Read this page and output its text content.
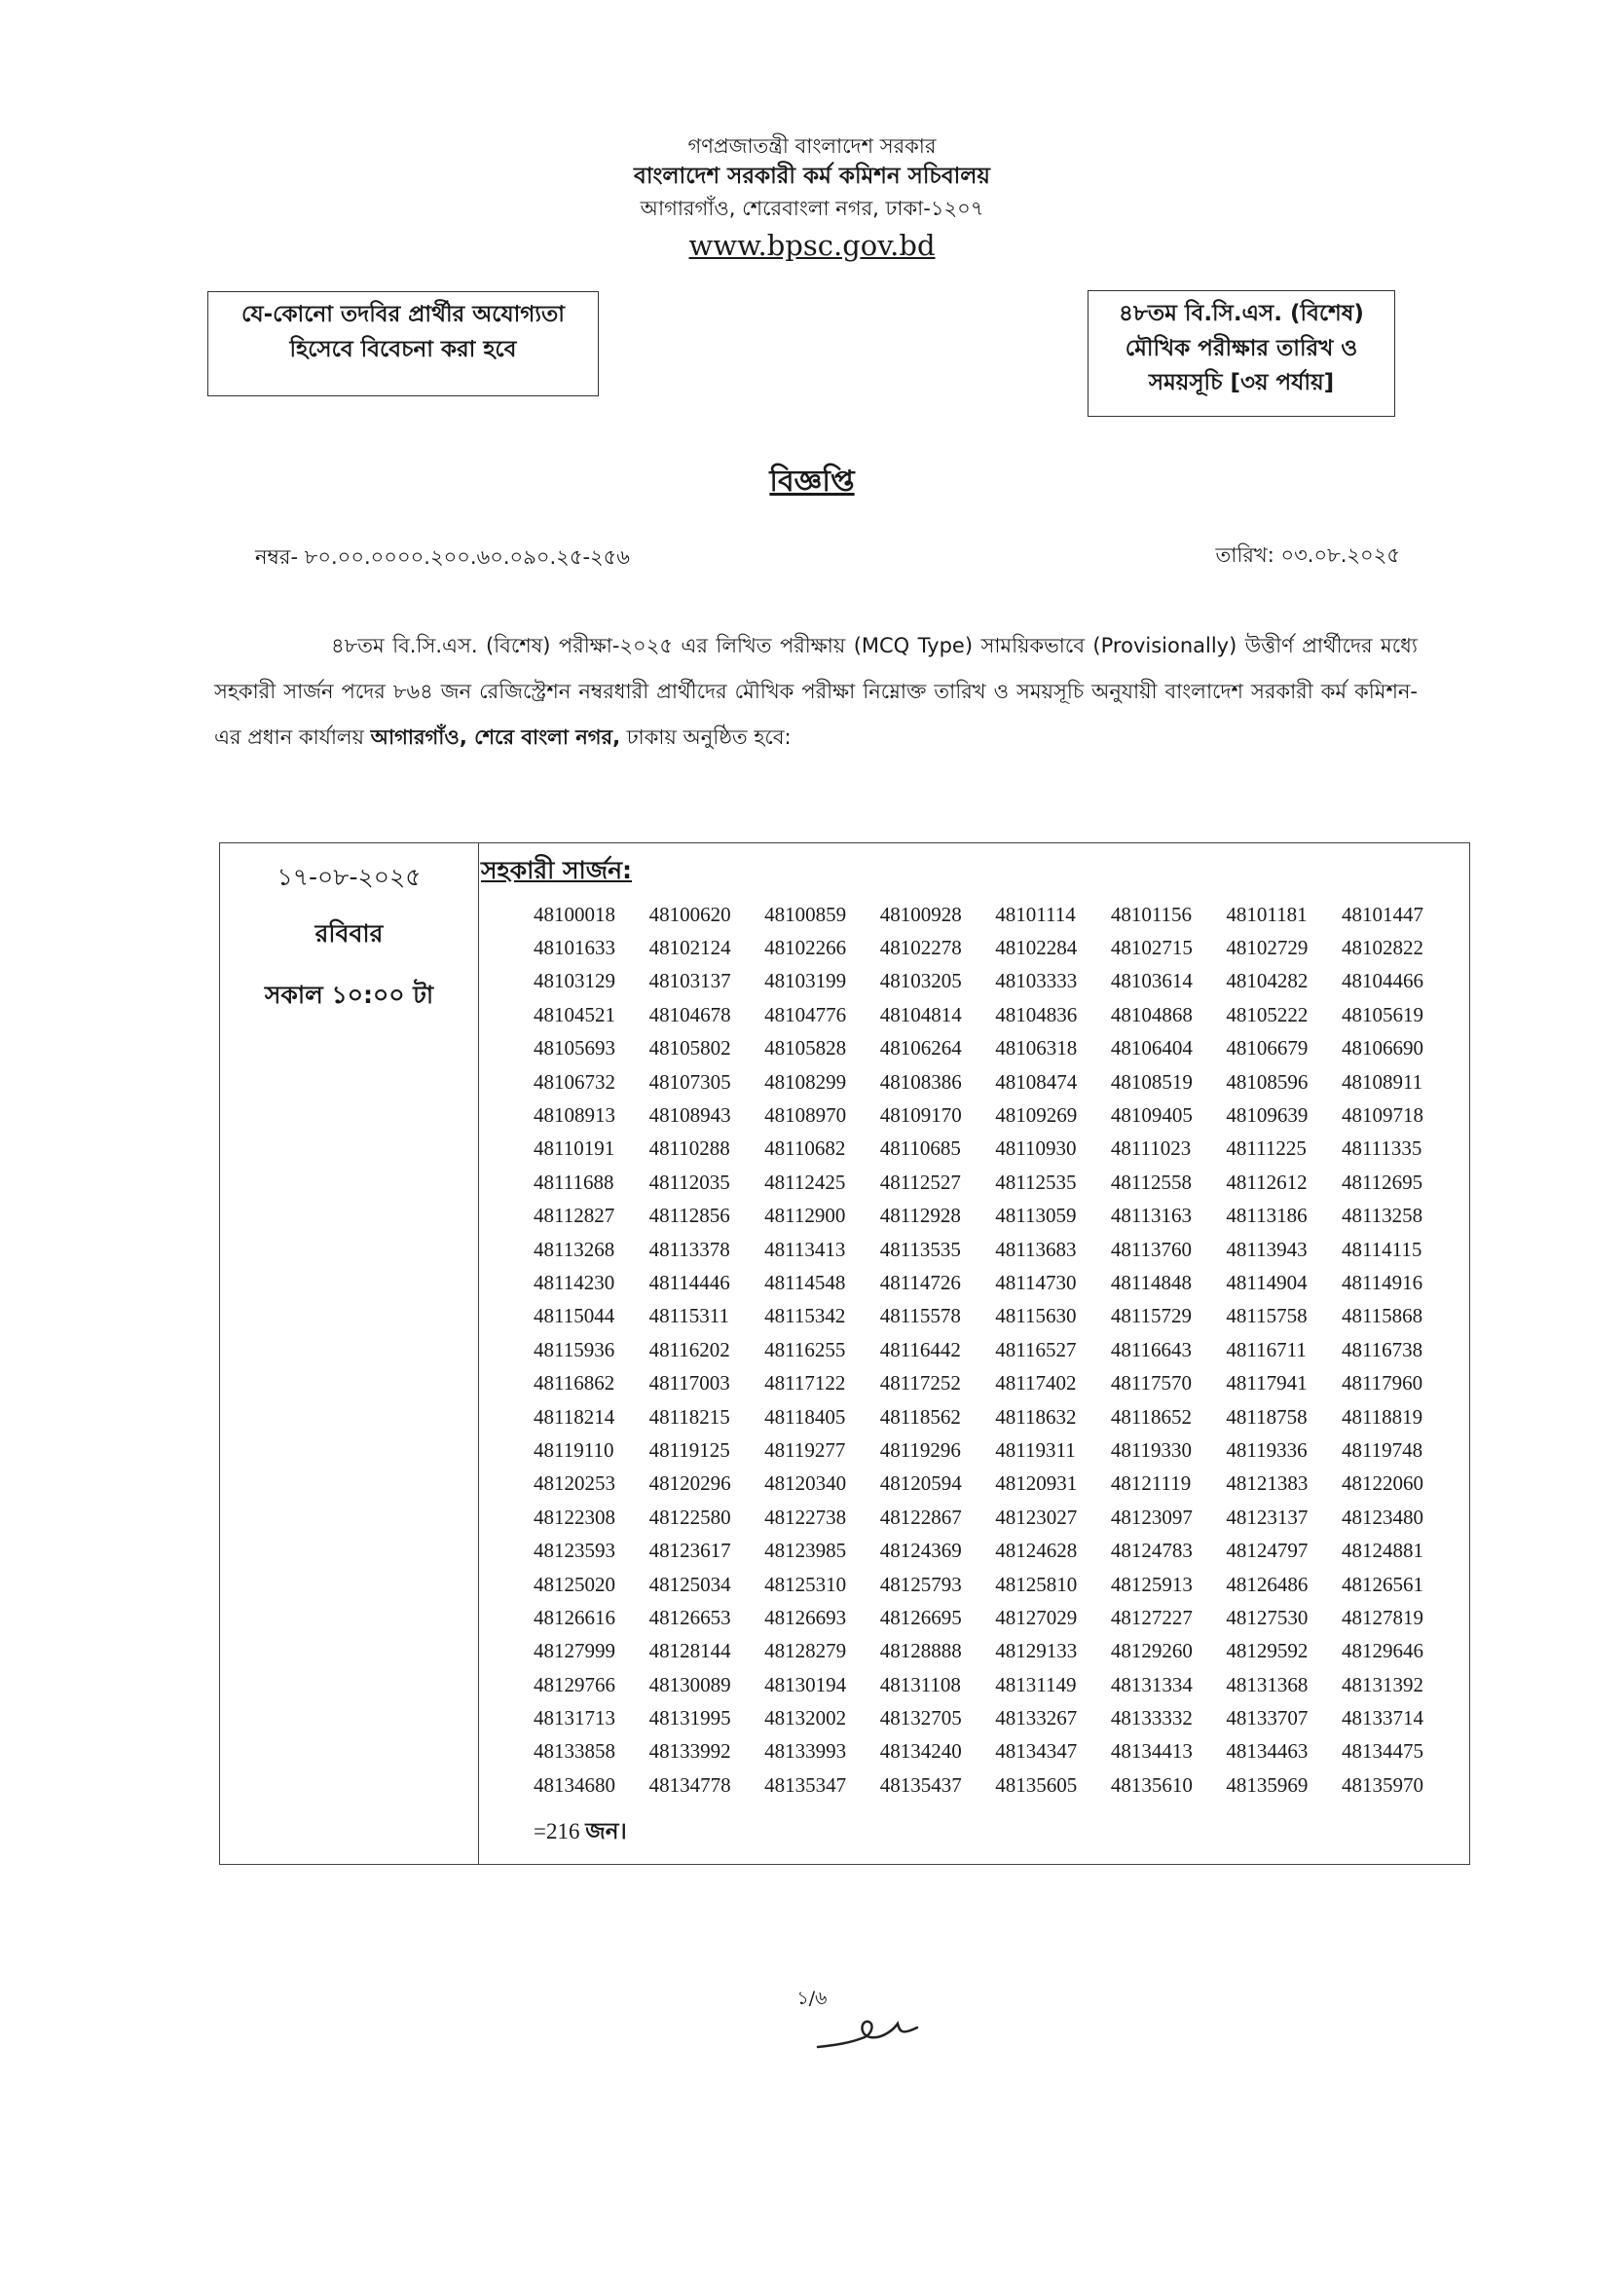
গণপ্রজাতন্ত্রী বাংলাদেশ সরকার
বাংলাদেশ সরকারী কর্ম কমিশন সচিবালয়
আগারগাঁও, শেরেবাংলা নগর, ঢাকা-১২০৭
www.bpsc.gov.bd
যে-কোনো তদবির প্রার্থীর অযোগ্যতা
হিসেবে বিবেচনা করা হবে
৪৮তম বি.সি.এস. (বিশেষ)
মৌখিক পরীক্ষার তারিখ ও
সময়সূচি [৩য় পর্যায়]
বিজ্ঞপ্তি
নম্বর- ৮০.০০.০০০০.২০০.৬০.০৯০.২৫-২৫৬	তারিখ: ০৩.০৮.২০২৫
৪৮তম বি.সি.এস. (বিশেষ) পরীক্ষা-২০২৫ এর লিখিত পরীক্ষায় (MCQ Type) সাময়িকভাবে (Provisionally) উত্তীর্ণ প্রার্থীদের মধ্যে সহকারী সার্জন পদের ৮৬৪ জন রেজিস্ট্রেশন নম্বরধারী প্রার্থীদের মৌখিক পরীক্ষা নিম্নোক্ত তারিখ ও সময়সূচি অনুযায়ী বাংলাদেশ সরকারী কর্ম কমিশন-এর প্রধান কার্যালয় আগারগাঁও, শেরে বাংলা নগর, ঢাকায় অনুষ্ঠিত হবে:
১৭-০৮-২০২৫
রবিবার
সকাল ১০:০০ টা
সহকারী সার্জন:
48100018	48100620	48100859	48100928	48101114	48101156	48101181	48101447
48101633	48102124	48102266	48102278	48102284	48102715	48102729	48102822
48103129	48103137	48103199	48103205	48103333	48103614	48104282	48104466
48104521	48104678	48104776	48104814	48104836	48104868	48105222	48105619
48105693	48105802	48105828	48106264	48106318	48106404	48106679	48106690
48106732	48107305	48108299	48108386	48108474	48108519	48108596	48108911
48108913	48108943	48108970	48109170	48109269	48109405	48109639	48109718
48110191	48110288	48110682	48110685	48110930	48111023	48111225	48111335
48111688	48112035	48112425	48112527	48112535	48112558	48112612	48112695
48112827	48112856	48112900	48112928	48113059	48113163	48113186	48113258
48113268	48113378	48113413	48113535	48113683	48113760	48113943	48114115
48114230	48114446	48114548	48114726	48114730	48114848	48114904	48114916
48115044	48115311	48115342	48115578	48115630	48115729	48115758	48115868
48115936	48116202	48116255	48116442	48116527	48116643	48116711	48116738
48116862	48117003	48117122	48117252	48117402	48117570	48117941	48117960
48118214	48118215	48118405	48118562	48118632	48118652	48118758	48118819
48119110	48119125	48119277	48119296	48119311	48119330	48119336	48119748
48120253	48120296	48120340	48120594	48120931	48121119	48121383	48122060
48122308	48122580	48122738	48122867	48123027	48123097	48123137	48123480
48123593	48123617	48123985	48124369	48124628	48124783	48124797	48124881
48125020	48125034	48125310	48125793	48125810	48125913	48126486	48126561
48126616	48126653	48126693	48126695	48127029	48127227	48127530	48127819
48127999	48128144	48128279	48128888	48129133	48129260	48129592	48129646
48129766	48130089	48130194	48131108	48131149	48131334	48131368	48131392
48131713	48131995	48132002	48132705	48133267	48133332	48133707	48133714
48133858	48133992	48133993	48134240	48134347	48134413	48134463	48134475
48134680	48134778	48135347	48135437	48135605	48135610	48135969	48135970
=216 জন।
১/৬
